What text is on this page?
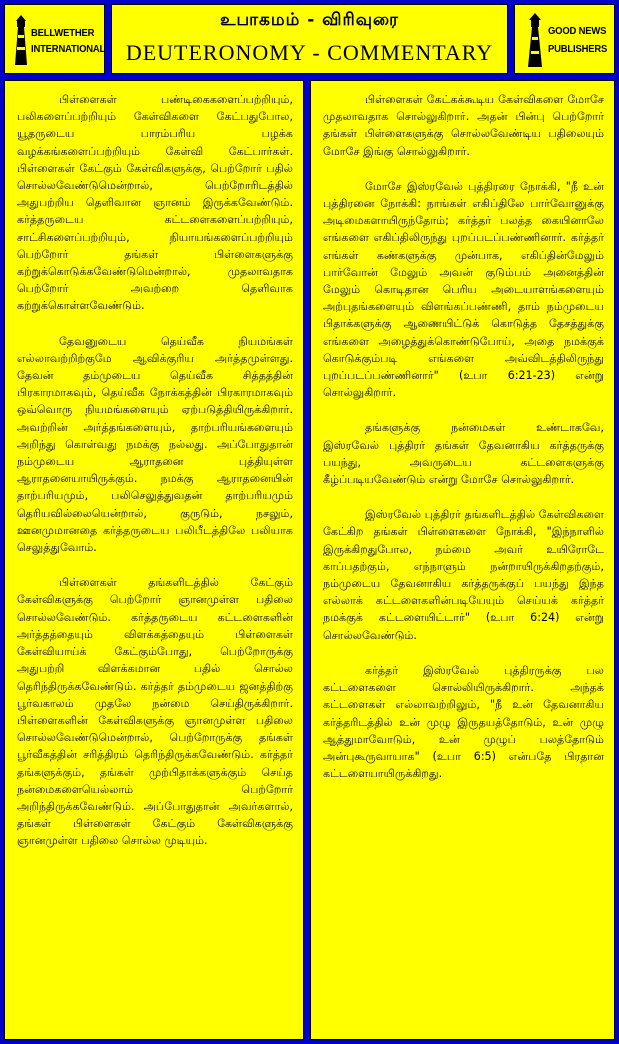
BELLWETHER
INTERNATIONAL
உபாகமம் - விரிவுரை
DEUTERONOMY - COMMENTARY
GOOD NEWS
PUBLISHERS

பிள்ளைகள் பண்டிகைகளைப்பற்றியும், பலிகளைப்பற்றியும் கேள்விகளை கேட்பதுபோல, யூதருடைய பாரம்பரிய பழக்க வழக்கங்களைப்பற்றியும் கேள்வி கேட்பார்கள். பிள்ளைகள் கேட்கும் கேள்விகளுக்கு, பெற்றோர் பதில் சொல்லவேண்டுமென்றால், பெற்றோரிடத்தில் அதுபற்றிய தெளிவான ஞானம் இருக்கவேண்டும். கர்த்தருடைய கட்டளைகளைப்பற்றியும், சாட்சிகளைப்பற்றியும், நியாயங்களைப்பற்றியும் பெற்றோர் தங்கள் பிள்ளைகளுக்கு கற்றுக்கொடுக்கவேண்டுமென்றால், முதலாவதாக பெற்றோர் அவற்றை தெளிவாக கற்றுக்கொள்ளவேண்டும்.

தேவனுடைய தெய்வீக நியமங்கள் எல்லாவற்றிற்குமே ஆவிக்குரிய அர்த்தமுள்ளது. தேவன் தம்முடைய தெய்வீக சித்தத்தின் பிரகாரமாகவும், தெய்வீக நோக்கத்தின் பிரகாரமாகவும் ஒவ்வொரு நியமங்களையும் ஏற்படுத்தியிருக்கிறார். அவற்றின் அர்த்தங்களையும், தாற்பரியங்களையும் அறிந்து கொள்வது நமக்கு நல்லது. அப்போதுதான் நம்முடைய ஆராதனை புத்தியுள்ள ஆராதனையாயிருக்கும். நமக்கு ஆராதனையின் தாற்பரியமும், பலிசெலுத்துவதன் தாற்பரியமும் தெரியவில்லையென்றால், குருடும், நசலும், ஊனமுமானதை கர்த்தருடைய பலிபீடத்திலே பலியாக செலுத்துவோம்.

பிள்ளைகள் தங்களிடத்தில் கேட்கும் கேள்விகளுக்கு பெற்றோர் ஞானமுள்ள பதிலை சொல்லவேண்டும். கர்த்தருடைய கட்டளைகளின் அர்த்தத்தையும் விளக்கத்தையும் பிள்ளைகள் கேள்வியாய்க் கேட்கும்போது, பெற்றோருக்கு அதுபற்றி விளக்கமான பதில் சொல்ல தெரிந்திருக்கவேண்டும். கர்த்தர் தம்முடைய ஜனத்திற்கு பூர்வகாலம் முதலே நன்மை செய்திருக்கிறார். பிள்ளைகளின் கேள்விகளுக்கு ஞானமுள்ள பதிலை சொல்லவேண்டுமென்றால், பெற்றோருக்கு தங்கள் பூர்வீகத்தின் சரித்திரம் தெரிந்திருக்கவேண்டும். கர்த்தர் தங்களுக்கும், தங்கள் முற்பிதாக்களுக்கும் செய்த நன்மைகளையெல்லாம் பெற்றோர் அறிந்திருக்கவேண்டும். அப்போதுதான் அவர்களால், தங்கள் பிள்ளைகள் கேட்கும் கேள்விகளுக்கு ஞானமுள்ள பதிலை சொல்ல முடியும்.

பிள்ளைகள் கேட்கக்கூடிய கேள்விகளை மோசே முதலாவதாக சொல்லுகிறார். அதன் பின்பு பெற்றோர் தங்கள் பிள்ளைகளுக்கு சொல்லவேண்டிய பதிலையும் மோசே இங்கு சொல்லுகிறார்.

மோசே இஸ்ரவேல் புத்திரரை நோக்கி, "நீ உன் புத்திரனை நோக்கி: நாங்கள் எகிப்திலே பார்வோனுக்கு அடிமைகளாயிருந்தோம்; கர்த்தர் பலத்த கையினாலே எங்களை எகிப்திலிருந்து புறப்படப்பண்ணினார். கர்த்தர் எங்கள் கண்களுக்கு முன்பாக, எகிப்தின்மேலும் பார்வோன் மேலும் அவன் குடும்பம் அனைத்தின் மேலும் கொடிதான பெரிய அடையாளங்களையும் அற்புதங்களையும் விளங்கப்பண்ணி, தாம் நம்முடைய பிதாக்களுக்கு ஆணையிட்டுக் கொடுத்த தேசத்துக்கு எங்களை அழைத்துக்கொண்டுபோய், அதை நமக்குக் கொடுக்கும்படி எங்களை அவ்விடத்திலிருந்து புறப்படப்பண்ணினார்" (உபா 6:21-23) என்று சொல்லுகிறார்.

தங்களுக்கு நன்மைகள் உண்டாகவே, இஸ்ரவேல் புத்திரர் தங்கள் தேவனாகிய கர்த்தருக்கு பயந்து, அவருடைய கட்டளைகளுக்கு கீழ்ப்படியவேண்டும் என்று மோசே சொல்லுகிறார்.

இஸ்ரவேல் புத்திரர் தங்களிடத்தில் கேள்விகளை கேட்கிற தங்கள் பிள்ளைகளை நோக்கி, "இந்நாளில் இருக்கிறதுபோல, நம்மை அவர் உயிரோடே காப்பதற்கும், எந்நாளும் நன்றாயிருக்கிறதற்கும், நம்முடைய தேவனாகிய கர்த்தருக்குப் பயந்து இந்த எல்லாக் கட்டளைகளின்படியேயும் செய்யக் கர்த்தர் நமக்குக் கட்டளையிட்டார்" (உபா 6:24) என்று சொல்லவேண்டும்.

கர்த்தர் இஸ்ரவேல் புத்திரருக்கு பல கட்டளைகளை சொல்லியிருக்கிறார். அந்தக் கட்டளைகள் எல்லாவற்றிலும், "நீ உன் தேவனாகிய கர்த்தரிடத்தில் உன் முழு இருதயத்தோடும், உன் முழு ஆத்துமாவோடும், உன் முழுப் பலத்தோடும் அன்புகூருவாயாக" (உபா 6:5) என்பதே பிரதான கட்டளையாயிருக்கிறது.
